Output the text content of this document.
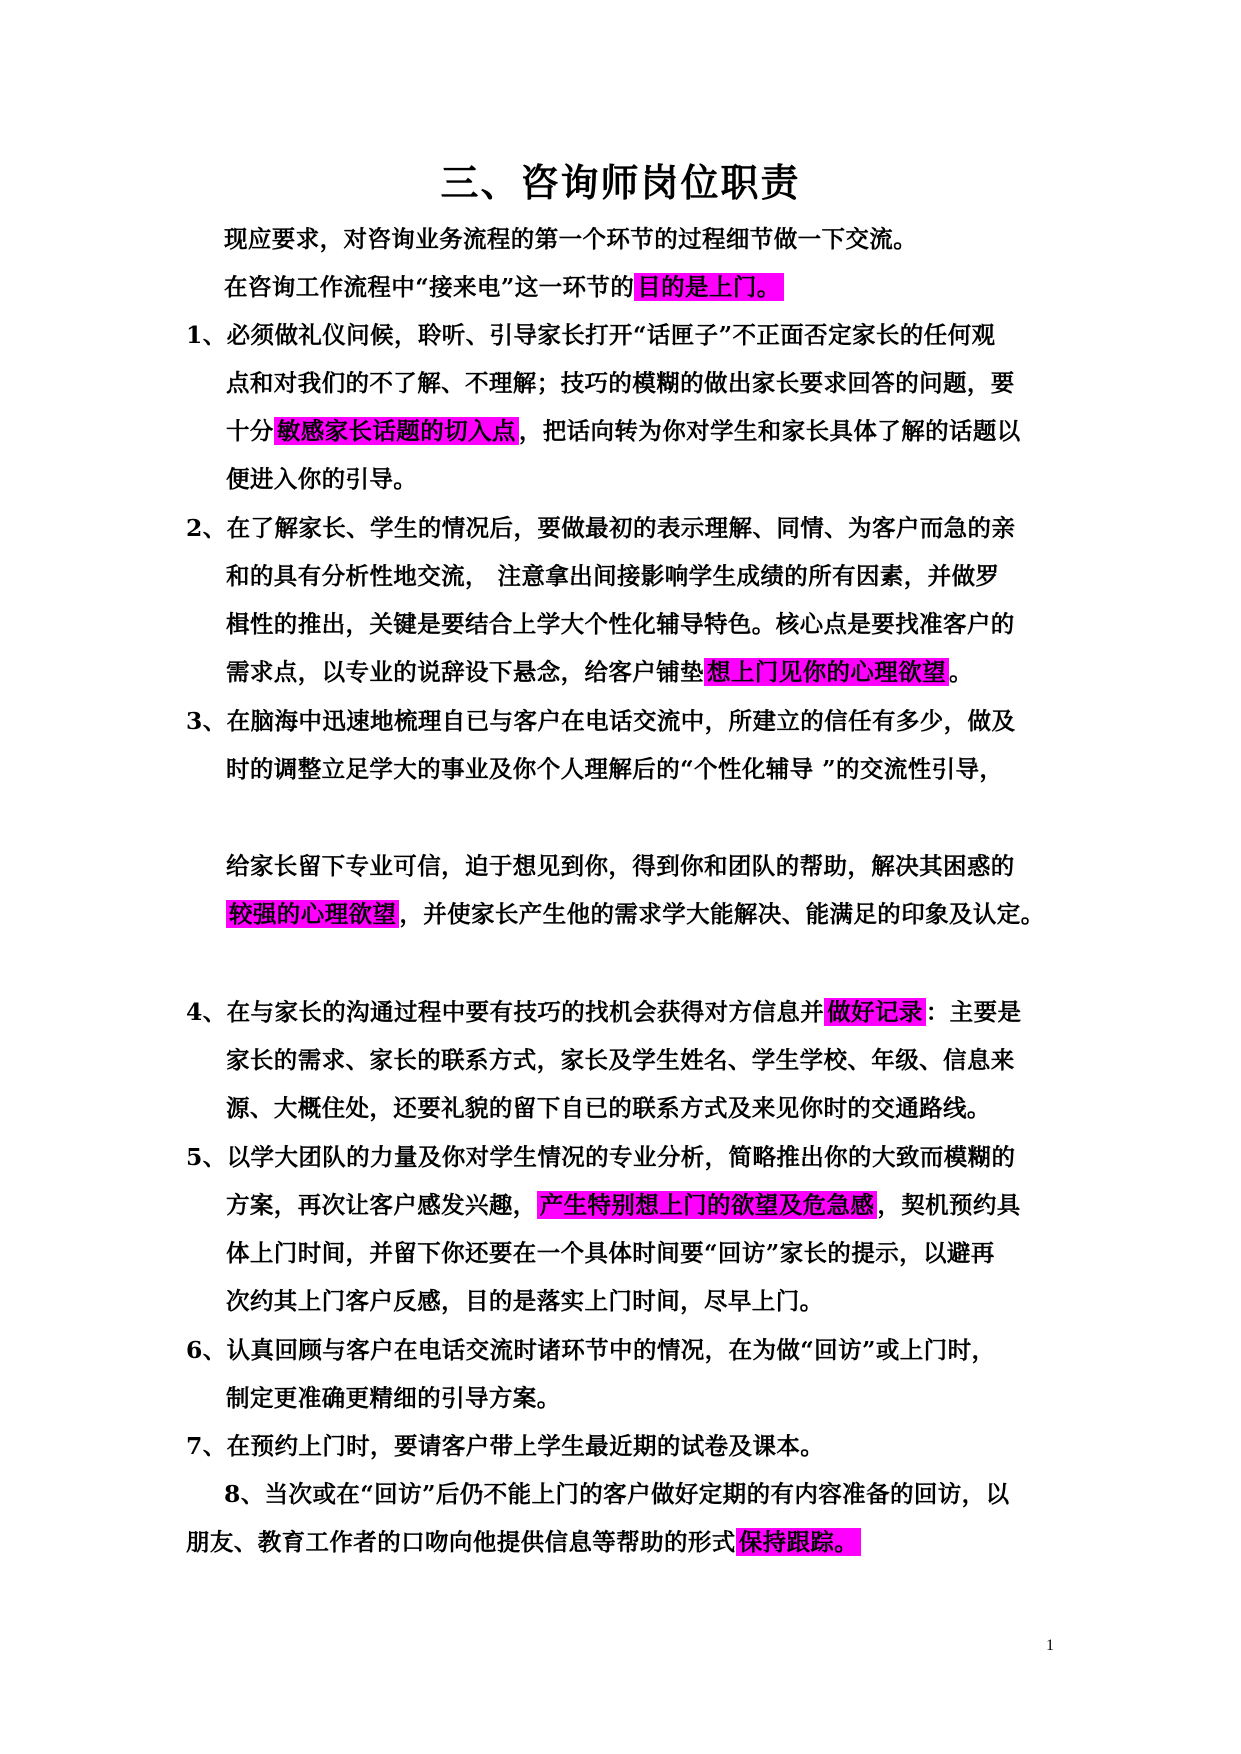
三、咨询师岗位职责
现应要求，对咨询业务流程的第一个环节的过程细节做一下交流。
在咨询工作流程中“接来电”这一环节的 目的是上门。
1、必须做礼仪问候，聆听、引导家长打开“话匣子”不正面否定家长的任何观
点和对我们的不了解、不理解；技巧的模糊的做出家长要求回答的问题，要
十分 敏感家长话题的切入点 ，把话向转为你对学生和家长具体了解的话题以
便进入你的引导。
2、在了解家长、学生的情况后，要做最初的表示理解、同情、为客户而急的亲
和的具有分析性地交流， 注意拿出间接影响学生成绩的所有因素，并做罗
楫性的推出，关键是要结合上学大个性化辅导特色。核心点是要找准客户的
需求点，以专业的说辞设下悬念，给客户铺垫 想上门见你的心理欲望 。
3、在脑海中迅速地梳理自已与客户在电话交流中，所建立的信任有多少，做及
时的调整立足学大的事业及你个人理解后的“个性化辅导 ”的交流性引导，
给家长留下专业可信，迫于想见到你，得到你和团队的帮助，解决其困惑的
较强的心理欲望 ，并使家长产生他的需求学大能解决、能满足的印象及认定。
4、在与家长的沟通过程中要有技巧的找机会获得对方信息并 做好记录 ：主要是
家长的需求、家长的联系方式，家长及学生姓名、学生学校、年级、信息来
源、大概住处，还要礼貌的留下自已的联系方式及来见你时的交通路线。
5、以学大团队的力量及你对学生情况的专业分析，简略推出你的大致而模糊的
方案，再次让客户感发兴趣， 产生特别想上门的欲望及危急感 ，契机预约具
体上门时间，并留下你还要在一个具体时间要“回访”家长的提示，以避再
次约其上门客户反感，目的是落实上门时间，尽早上门。
6、认真回顾与客户在电话交流时诸环节中的情况，在为做“回访”或上门时，
制定更准确更精细的引导方案。
7、在预约上门时，要请客户带上学生最近期的试卷及课本。
8、当次或在“回访”后仍不能上门的客户做好定期的有内容准备的回访，以
朋友、教育工作者的口吻向他提供信息等帮助的形式 保持跟踪。
1
